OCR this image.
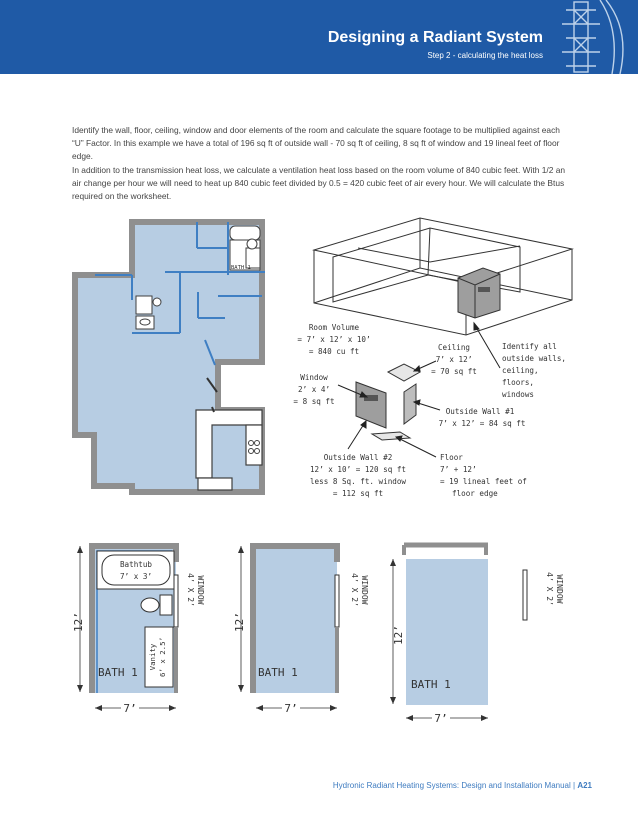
Designing a Radiant System
Step 2 - calculating the heat loss
Identify the wall, floor, ceiling, window and door elements of the room and calculate the square footage to be multiplied against each “U” Factor. In this example we have a total of 196 sq ft of outside wall - 70 sq ft of ceiling, 8 sq ft of window and 19 lineal feet of floor edge.
In addition to the transmission heat loss, we calculate a ventilation heat loss based on the room volume of 840 cubic feet. With 1/2 an air change per hour we will need to heat up 840 cubic feet divided by 0.5 = 420 cubic feet of air every hour. We will calculate the Btus required on the worksheet.
BATH 1
Room Volume
= 7’ x 12’ x 10’
= 840 cu ft	Ceiling
7’ x 12’
= 70 sq ft
Window
2’ x 4’
= 8 sq ft
Outside Wall #1
7’ x 12’ = 84 sq ft
Outside Wall #2
12’ x 10’ = 120 sq ft
less 8 Sq. ft. window
= 112 sq ft
Identify all
outside walls,
ceiling,
floors,
windows
Floor
7’ + 12’
= 19 lineal feet of
floor edge
Bathtub
7’ x 3’
Vanity 6’ x 2.5’
BATH 1
WINDOW
4’ X 2’
12’
7’
BATH 1
WINDOW
4’ X 2’
12’
7’
BATH 1
WINDOW
4’ X 2’
12’
7’
Hydronic Radiant Heating Systems: Design and Installation Manual | A21
